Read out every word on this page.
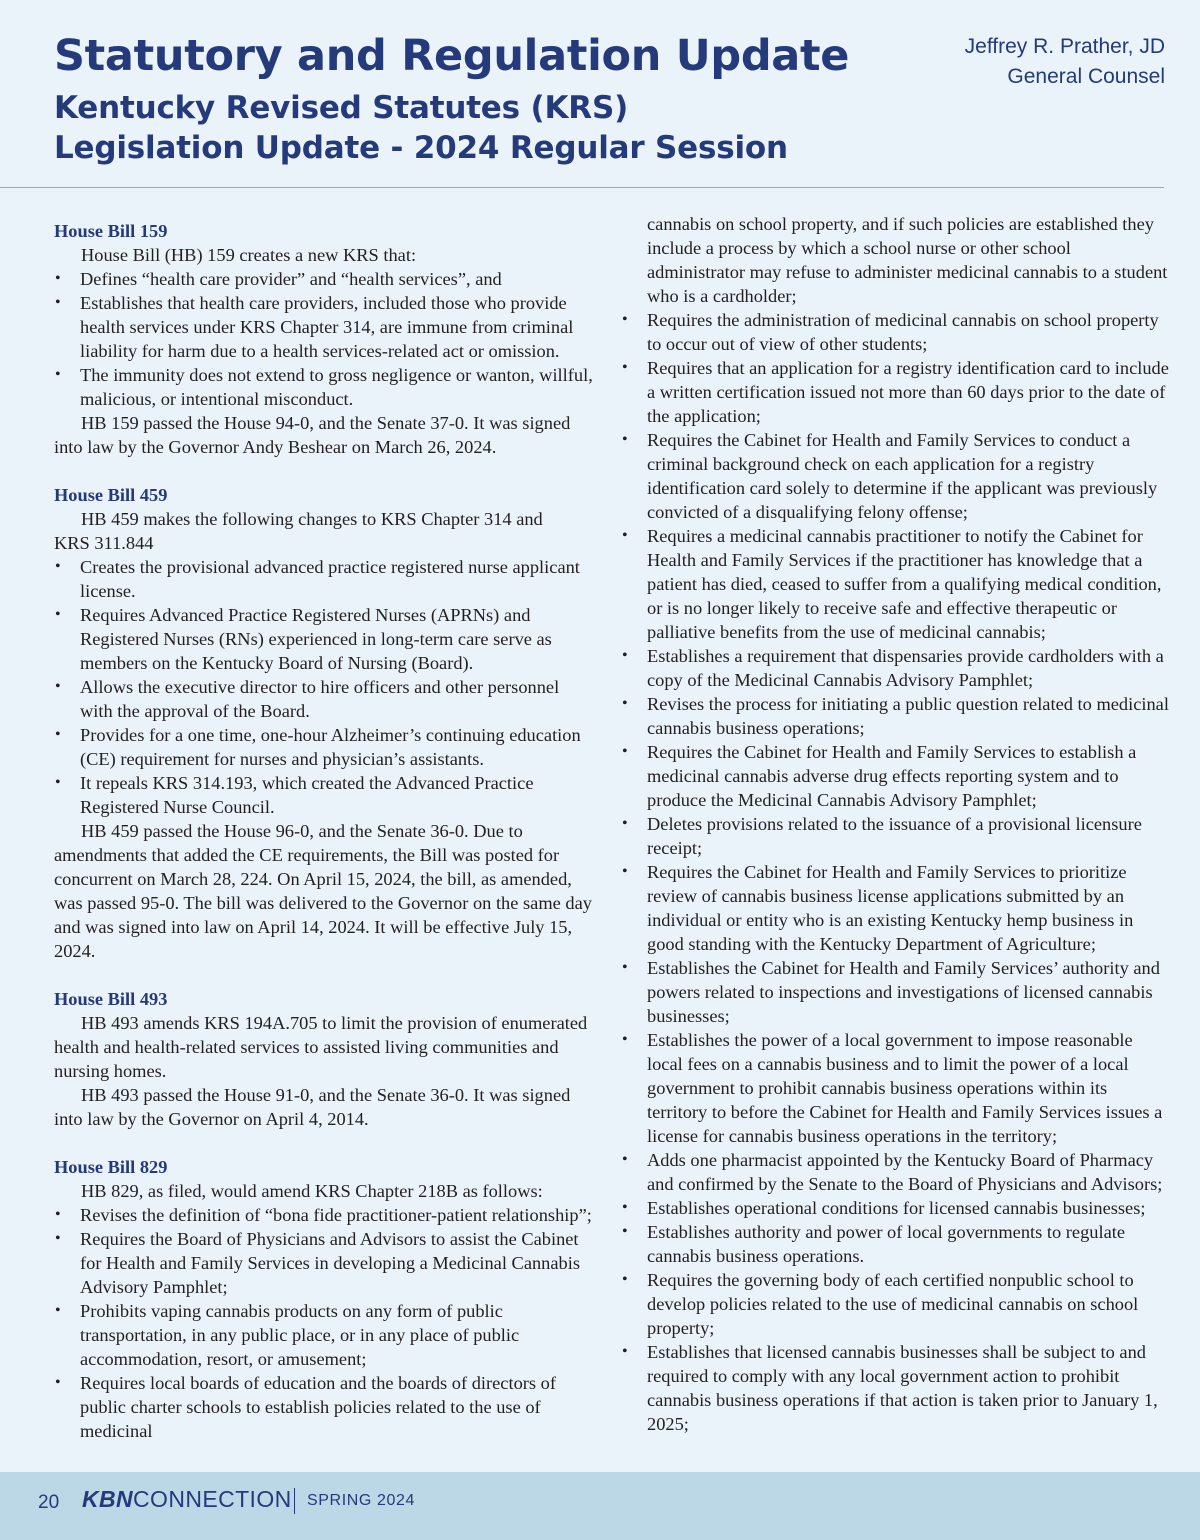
Statutory and Regulation Update
Kentucky Revised Statutes (KRS)
Legislation Update - 2024 Regular Session
Jeffrey R. Prather, JD
General Counsel
House Bill 159

House Bill (HB) 159 creates a new KRS that:

• Defines “health care provider” and “health services”, and
• Establishes that health care providers, included those who provide health services under KRS Chapter 314, are immune from criminal liability for harm due to a health services-related act or omission.
• The immunity does not extend to gross negligence or wanton, willful, malicious, or intentional misconduct.

HB 159 passed the House 94-0, and the Senate 37-0. It was signed into law by the Governor Andy Beshear on March 26, 2024.

House Bill 459

HB 459 makes the following changes to KRS Chapter 314 and KRS 311.844

• Creates the provisional advanced practice registered nurse applicant license.
• Requires Advanced Practice Registered Nurses (APRNs) and Registered Nurses (RNs) experienced in long-term care serve as members on the Kentucky Board of Nursing (Board).
• Allows the executive director to hire officers and other personnel with the approval of the Board.
• Provides for a one time, one-hour Alzheimer’s continuing education (CE) requirement for nurses and physician’s assistants.
• It repeals KRS 314.193, which created the Advanced Practice Registered Nurse Council.

HB 459 passed the House 96-0, and the Senate 36-0. Due to amendments that added the CE requirements, the Bill was posted for concurrent on March 28, 224. On April 15, 2024, the bill, as amended, was passed 95-0. The bill was delivered to the Governor on the same day and was signed into law on April 14, 2024. It will be effective July 15, 2024.

House Bill 493

HB 493 amends KRS 194A.705 to limit the provision of enumerated health and health-related services to assisted living communities and nursing homes.

HB 493 passed the House 91-0, and the Senate 36-0. It was signed into law by the Governor on April 4, 2014.

House Bill 829

HB 829, as filed, would amend KRS Chapter 218B as follows:

• Revises the definition of “bona fide practitioner-patient relationship”;
• Requires the Board of Physicians and Advisors to assist the Cabinet for Health and Family Services in developing a Medicinal Cannabis Advisory Pamphlet;
• Prohibits vaping cannabis products on any form of public transportation, in any public place, or in any place of public accommodation, resort, or amusement;
• Requires local boards of education and the boards of directors of public charter schools to establish policies related to the use of medicinal

cannabis on school property, and if such policies are established they include a process by which a school nurse or other school administrator may refuse to administer medicinal cannabis to a student who is a cardholder;

• Requires the administration of medicinal cannabis on school property to occur out of view of other students;
• Requires that an application for a registry identification card to include a written certification issued not more than 60 days prior to the date of the application;
• Requires the Cabinet for Health and Family Services to conduct a criminal background check on each application for a registry identification card solely to determine if the applicant was previously convicted of a disqualifying felony offense;
• Requires a medicinal cannabis practitioner to notify the Cabinet for Health and Family Services if the practitioner has knowledge that a patient has died, ceased to suffer from a qualifying medical condition, or is no longer likely to receive safe and effective therapeutic or palliative benefits from the use of medicinal cannabis;
• Establishes a requirement that dispensaries provide cardholders with a copy of the Medicinal Cannabis Advisory Pamphlet;
• Revises the process for initiating a public question related to medicinal cannabis business operations;
• Requires the Cabinet for Health and Family Services to establish a medicinal cannabis adverse drug effects reporting system and to produce the Medicinal Cannabis Advisory Pamphlet;
• Deletes provisions related to the issuance of a provisional licensure receipt;
• Requires the Cabinet for Health and Family Services to prioritize review of cannabis business license applications submitted by an individual or entity who is an existing Kentucky hemp business in good standing with the Kentucky Department of Agriculture;
• Establishes the Cabinet for Health and Family Services’ authority and powers related to inspections and investigations of licensed cannabis businesses;
• Establishes the power of a local government to impose reasonable local fees on a cannabis business and to limit the power of a local government to prohibit cannabis business operations within its territory to before the Cabinet for Health and Family Services issues a license for cannabis business operations in the territory;
• Adds one pharmacist appointed by the Kentucky Board of Pharmacy and confirmed by the Senate to the Board of Physicians and Advisors;
• Establishes operational conditions for licensed cannabis businesses;
• Establishes authority and power of local governments to regulate cannabis business operations.
• Requires the governing body of each certified nonpublic school to develop policies related to the use of medicinal cannabis on school property;
• Establishes that licensed cannabis businesses shall be subject to and required to comply with any local government action to prohibit cannabis business operations if that action is taken prior to January 1, 2025;
20 KBNCONNECTION SPRING 2024
